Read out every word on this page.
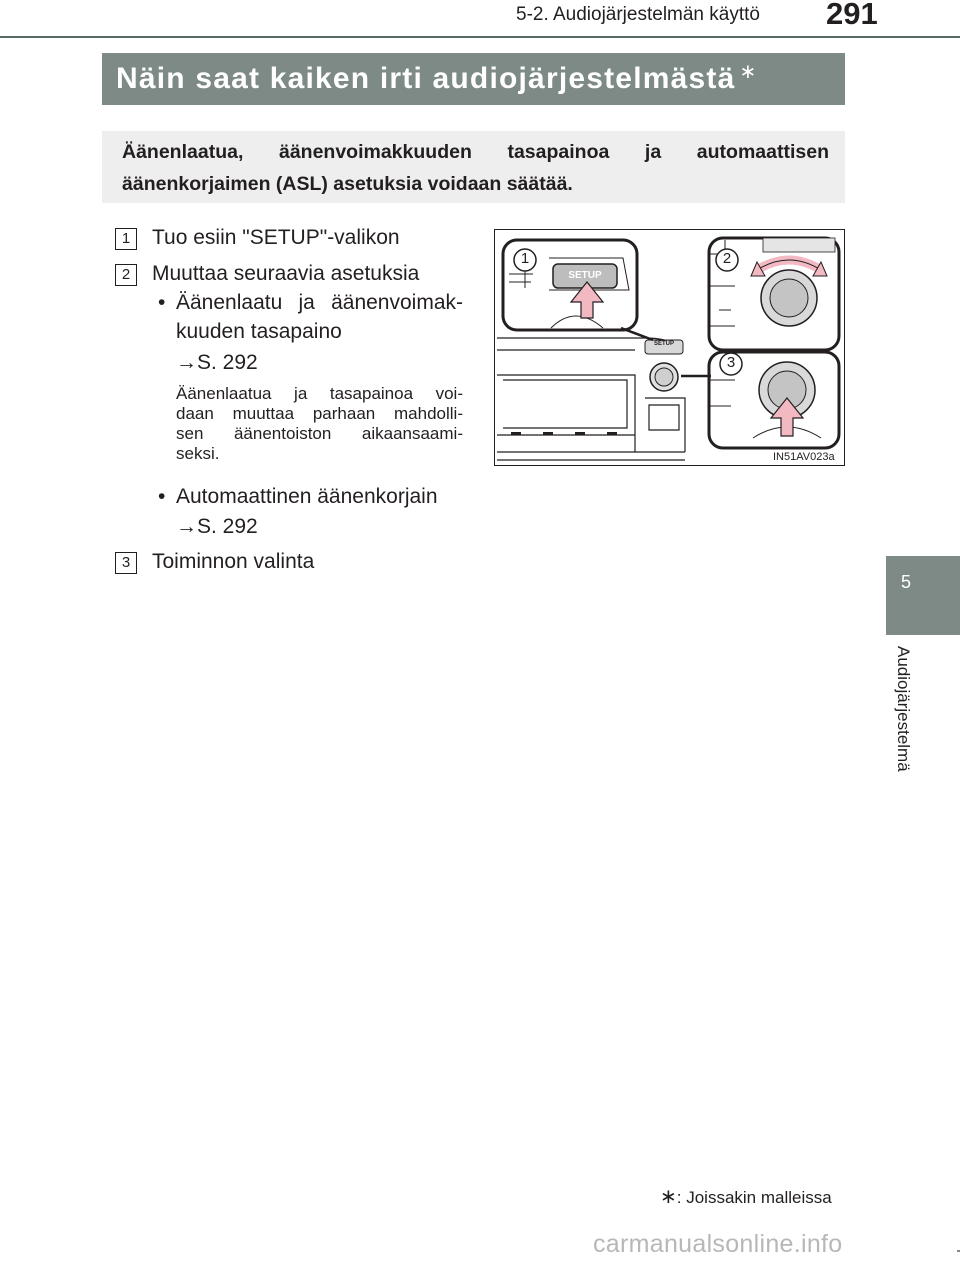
5-2. Audiojärjestelmän käyttö 291
Näin saat kaiken irti audiojärjestelmästä∗
Äänenlaatua, äänenvoimakkuuden tasapainoa ja automaattisen äänenkorjaimen (ASL) asetuksia voidaan säätää.
1	Tuo esiin "SETUP"-valikon
2	Muuttaa seuraavia asetuksia
• Äänenlaatu ja äänenvoimak-
kuuden tasapaino
→S. 292
Äänenlaatua ja tasapainoa voi-
daan muuttaa parhaan mahdolli-
sen äänentoiston aikaansaami-
seksi.
• Automaattinen äänenkorjain
→S. 292
3	Toiminnon valinta
SETUP
SETUP
1	2
3
IN51AV023a
5
Audiojärjestelmä
∗: Joissakin malleissa
carmanualsonline.info
